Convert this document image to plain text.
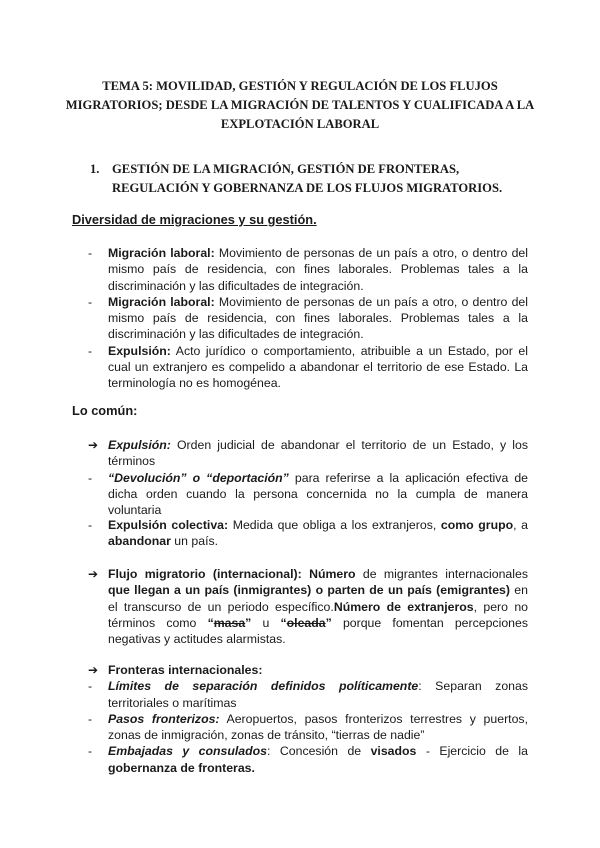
TEMA 5: MOVILIDAD, GESTIÓN Y REGULACIÓN DE LOS FLUJOS MIGRATORIOS; DESDE LA MIGRACIÓN DE TALENTOS Y CUALIFICADA A LA EXPLOTACIÓN LABORAL
1. GESTIÓN DE LA MIGRACIÓN, GESTIÓN DE FRONTERAS, REGULACIÓN Y GOBERNANZA DE LOS FLUJOS MIGRATORIOS.
Diversidad de migraciones y su gestión.
-	Migración laboral: Movimiento de personas de un país a otro, o dentro del mismo país de residencia, con fines laborales. Problemas tales a la discriminación y las dificultades de integración.
-	Migración laboral: Movimiento de personas de un país a otro, o dentro del mismo país de residencia, con fines laborales. Problemas tales a la discriminación y las dificultades de integración.
-	Expulsión: Acto jurídico o comportamiento, atribuible a un Estado, por el cual un extranjero es compelido a abandonar el territorio de ese Estado. La terminología no es homogénea.
Lo común:
➔ Expulsión: Orden judicial de abandonar el territorio de un Estado, y los términos
-	“Devolución” o “deportación” para referirse a la aplicación efectiva de dicha orden cuando la persona concernida no la cumpla de manera voluntaria
-	Expulsión colectiva: Medida que obliga a los extranjeros, como grupo, a abandonar un país.
➔ Flujo migratorio (internacional): Número de migrantes internacionales que llegan a un país (inmigrantes) o parten de un país (emigrantes) en el transcurso de un periodo específico.Número de extranjeros, pero no términos como “masa” u “oleada” porque fomentan percepciones negativas y actitudes alarmistas.
➔ Fronteras internacionales:
-	Límites de separación definidos políticamente: Separan zonas territoriales o marítimas
-	Pasos fronterizos: Aeropuertos, pasos fronterizos terrestres y puertos, zonas de inmigración, zonas de tránsito, “tierras de nadie”
-	Embajadas y consulados: Concesión de visados - Ejercicio de la gobernanza de fronteras.
